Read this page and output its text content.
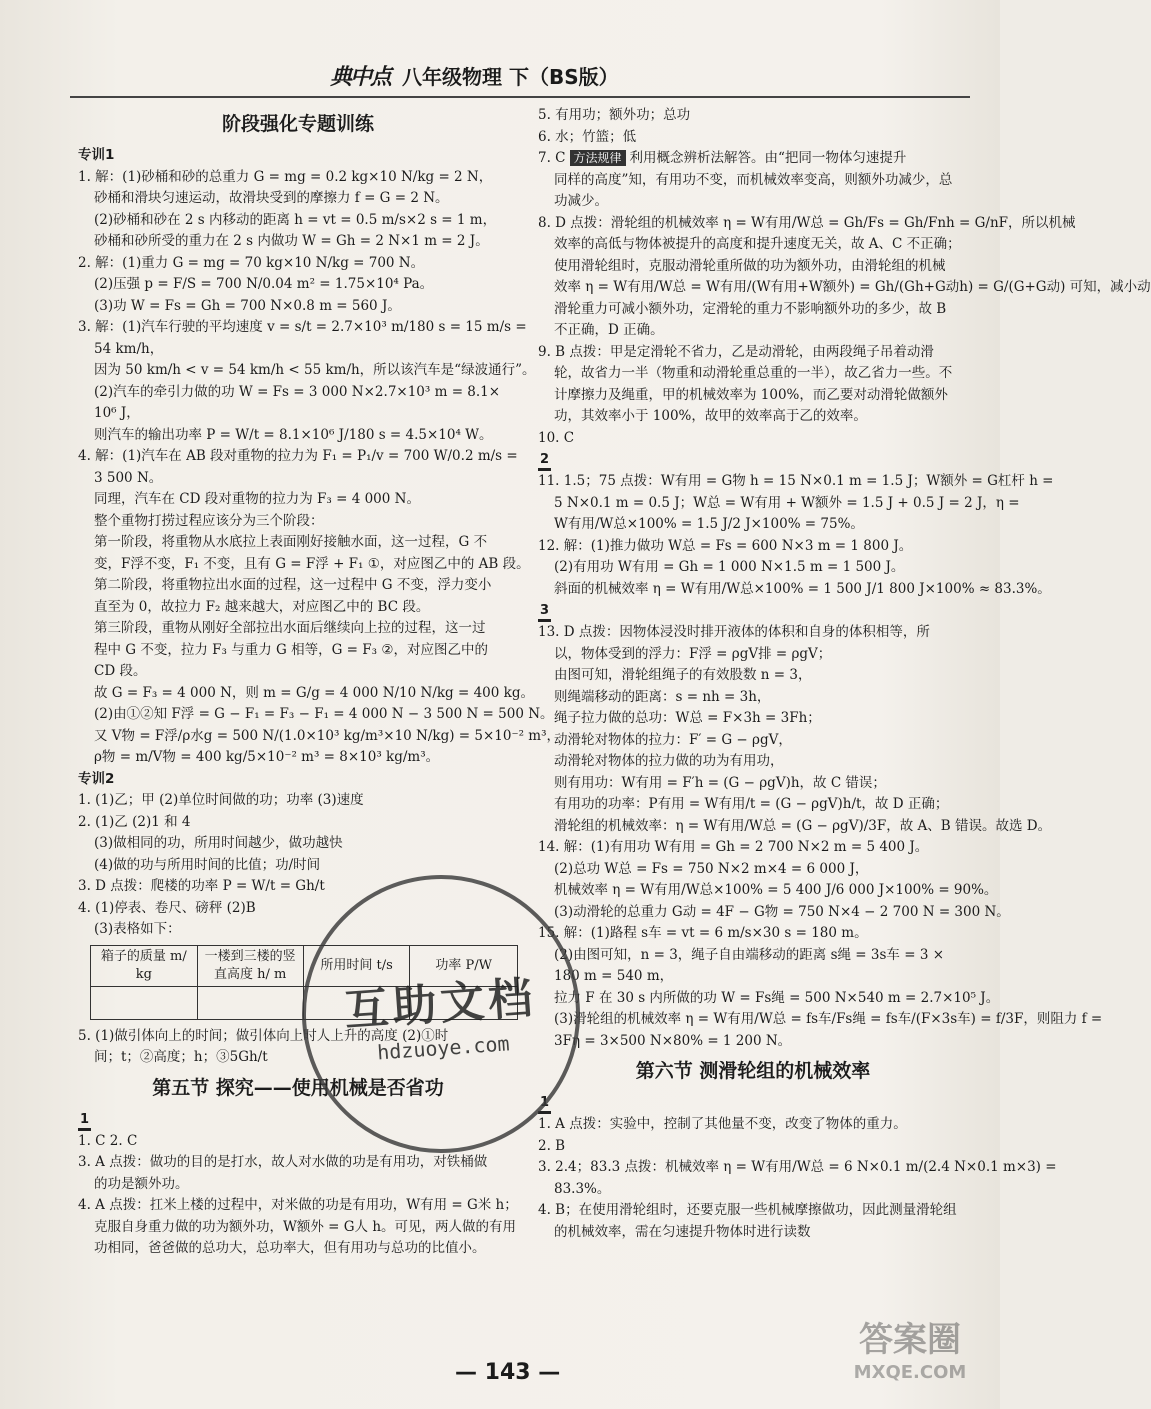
典中点 八年级物理 下（BS版）
阶段强化专题训练
专训1
1. 解：(1)砂桶和砂的总重力 G = mg = 0.2 kg×10 N/kg = 2 N，
砂桶和滑块匀速运动，故滑块受到的摩擦力 f = G = 2 N。
(2)砂桶和砂在 2 s 内移动的距离 h = vt = 0.5 m/s×2 s = 1 m，
砂桶和砂所受的重力在 2 s 内做功 W = Gh = 2 N×1 m = 2 J。
2. 解：(1)重力 G = mg = 70 kg×10 N/kg = 700 N。
(2)压强 p = F/S = 700 N/0.04 m² = 1.75×10⁴ Pa。
(3)功 W = Fs = Gh = 700 N×0.8 m = 560 J。
3. 解：(1)汽车行驶的平均速度 v = s/t = 2.7×10³ m/180 s = 15 m/s =
54 km/h，
因为 50 km/h < v = 54 km/h < 55 km/h，所以该汽车是“绿波通行”。
(2)汽车的牵引力做的功 W = Fs = 3 000 N×2.7×10³ m = 8.1×
10⁶ J，
则汽车的输出功率 P = W/t = 8.1×10⁶ J/180 s = 4.5×10⁴ W。
4. 解：(1)汽车在 AB 段对重物的拉力为 F₁ = P₁/v = 700 W/0.2 m/s =
3 500 N。
同理，汽车在 CD 段对重物的拉力为 F₃ = 4 000 N。
整个重物打捞过程应该分为三个阶段：
第一阶段，将重物从水底拉上表面刚好接触水面，这一过程，G 不
变，F浮不变，F₁ 不变，且有 G = F浮 + F₁ ①，对应图乙中的 AB 段。
第二阶段，将重物拉出水面的过程，这一过程中 G 不变，浮力变小
直至为 0，故拉力 F₂ 越来越大，对应图乙中的 BC 段。
第三阶段，重物从刚好全部拉出水面后继续向上拉的过程，这一过
程中 G 不变，拉力 F₃ 与重力 G 相等，G = F₃ ②，对应图乙中的
CD 段。
故 G = F₃ = 4 000 N，则 m = G/g = 4 000 N/10 N/kg = 400 kg。
(2)由①②知 F浮 = G − F₁ = F₃ − F₁ = 4 000 N − 3 500 N = 500 N。
又 V物 = F浮/ρ水g = 500 N/(1.0×10³ kg/m³×10 N/kg) = 5×10⁻² m³，
ρ物 = m/V物 = 400 kg/5×10⁻² m³ = 8×10³ kg/m³。
专训2
1. (1)乙；甲 (2)单位时间做的功；功率 (3)速度
2. (1)乙 (2)1 和 4
(3)做相同的功，所用时间越少，做功越快
(4)做的功与所用时间的比值；功/时间
3. D 点拨：爬楼的功率 P = W/t = Gh/t
4. (1)停表、卷尺、磅秤 (2)B
(3)表格如下：
箱子的质量 m/ kg	一楼到三楼的竖直高度 h/ m	所用时间 t/s	功率 P/W

5. (1)做引体向上的时间；做引体向上时人上升的高度 (2)①时
间；t；②高度；h；③5Gh/t
第五节 探究——使用机械是否省功
1
1. C 2. C
3. A 点拨：做功的目的是打水，故人对水做的功是有用功，对铁桶做
的功是额外功。
4. A 点拨：扛米上楼的过程中，对米做的功是有用功，W有用 = G米 h；
克服自身重力做的功为额外功，W额外 = G人 h。可见，两人做的有用
功相同，爸爸做的总功大，总功率大，但有用功与总功的比值小。
5. 有用功；额外功；总功
6. 水；竹篮；低
7. C 方法规律 利用概念辨析法解答。由“把同一物体匀速提升
同样的高度”知，有用功不变，而机械效率变高，则额外功减少，总
功减少。
8. D 点拨：滑轮组的机械效率 η = W有用/W总 = Gh/Fs = Gh/Fnh = G/nF，所以机械
效率的高低与物体被提升的高度和提升速度无关，故 A、C 不正确；
使用滑轮组时，克服动滑轮重所做的功为额外功，由滑轮组的机械
效率 η = W有用/W总 = W有用/(W有用+W额外) = Gh/(Gh+G动h) = G/(G+G动) 可知，减小动
滑轮重力可减小额外功，定滑轮的重力不影响额外功的多少，故 B
不正确，D 正确。
9. B 点拨：甲是定滑轮不省力，乙是动滑轮，由两段绳子吊着动滑
轮，故省力一半（物重和动滑轮重总重的一半），故乙省力一些。不
计摩擦力及绳重，甲的机械效率为 100%，而乙要对动滑轮做额外
功，其效率小于 100%，故甲的效率高于乙的效率。
10. C
2
11. 1.5；75 点拨：W有用 = G物 h = 15 N×0.1 m = 1.5 J；W额外 = G杠杆 h =
5 N×0.1 m = 0.5 J；W总 = W有用 + W额外 = 1.5 J + 0.5 J = 2 J，η =
W有用/W总×100% = 1.5 J/2 J×100% = 75%。
12. 解：(1)推力做功 W总 = Fs = 600 N×3 m = 1 800 J。
(2)有用功 W有用 = Gh = 1 000 N×1.5 m = 1 500 J。
斜面的机械效率 η = W有用/W总×100% = 1 500 J/1 800 J×100% ≈ 83.3%。
3
13. D 点拨：因物体浸没时排开液体的体积和自身的体积相等，所
以，物体受到的浮力：F浮 = ρgV排 = ρgV；
由图可知，滑轮组绳子的有效股数 n = 3，
则绳端移动的距离：s = nh = 3h，
绳子拉力做的总功：W总 = F×3h = 3Fh；
动滑轮对物体的拉力：F′ = G − ρgV，
动滑轮对物体的拉力做的功为有用功，
则有用功：W有用 = F′h = (G − ρgV)h，故 C 错误；
有用功的功率：P有用 = W有用/t = (G − ρgV)h/t，故 D 正确；
滑轮组的机械效率：η = W有用/W总 = (G − ρgV)/3F，故 A、B 错误。故选 D。
14. 解：(1)有用功 W有用 = Gh = 2 700 N×2 m = 5 400 J。
(2)总功 W总 = Fs = 750 N×2 m×4 = 6 000 J，
机械效率 η = W有用/W总×100% = 5 400 J/6 000 J×100% = 90%。
(3)动滑轮的总重力 G动 = 4F − G物 = 750 N×4 − 2 700 N = 300 N。
15. 解：(1)路程 s车 = vt = 6 m/s×30 s = 180 m。
(2)由图可知，n = 3，绳子自由端移动的距离 s绳 = 3s车 = 3 ×
180 m = 540 m，
拉力 F 在 30 s 内所做的功 W = Fs绳 = 500 N×540 m = 2.7×10⁵ J。
(3)滑轮组的机械效率 η = W有用/W总 = fs车/Fs绳 = fs车/(F×3s车) = f/3F，则阻力 f =
3Fη = 3×500 N×80% = 1 200 N。
第六节 测滑轮组的机械效率
1
1. A 点拨：实验中，控制了其他量不变，改变了物体的重力。
2. B
3. 2.4；83.3 点拨：机械效率 η = W有用/W总 = 6 N×0.1 m/(2.4 N×0.1 m×3) =
83.3%。
4. B；在使用滑轮组时，还要克服一些机械摩擦做功，因此测量滑轮组
的机械效率，需在匀速提升物体时进行读数
— 143 —
互助文档
hdzuoye.com
答案圈
MXQE.COM
